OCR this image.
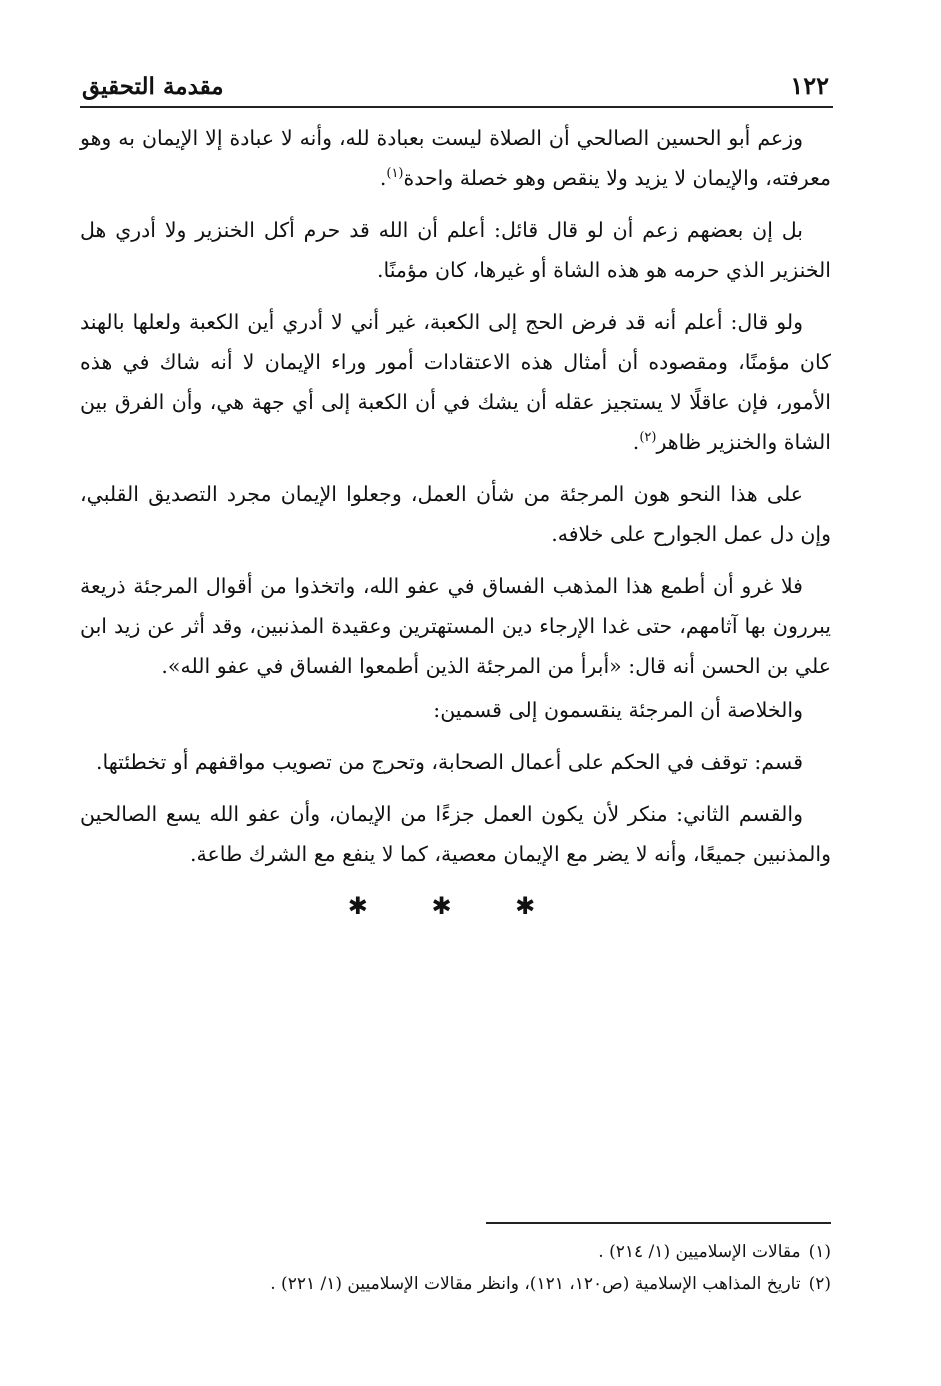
١٢٢
مقدمة التحقيق

وزعم أبو الحسين الصالحي أن الصلاة ليست بعبادة لله، وأنه لا عبادة إلا الإيمان به وهو معرفته، والإيمان لا يزيد ولا ينقص وهو خصلة واحدة$^{(١)}$.

بل إن بعضهم زعم أن لو قال قائل: أعلم أن الله قد حرم أكل الخنزير ولا أدري هل الخنزير الذي حرمه هو هذه الشاة أو غيرها، كان مؤمنًا.

ولو قال: أعلم أنه قد فرض الحج إلى الكعبة، غير أني لا أدري أين الكعبة ولعلها بالهند كان مؤمنًا، ومقصوده أن أمثال هذه الاعتقادات أمور وراء الإيمان لا أنه شاك في هذه الأمور، فإن عاقلًا لا يستجيز عقله أن يشك في أن الكعبة إلى أي جهة هي، وأن الفرق بين الشاة والخنزير ظاهر$^{(٢)}$.

على هذا النحو هون المرجئة من شأن العمل، وجعلوا الإيمان مجرد التصديق القلبي، وإن دل عمل الجوارح على خلافه.

فلا غرو أن أطمع هذا المذهب الفساق في عفو الله، واتخذوا من أقوال المرجئة ذريعة يبررون بها آثامهم، حتى غدا الإرجاء دين المستهترين وعقيدة المذنبين، وقد أثر عن زيد ابن علي بن الحسن أنه قال: «أبرأ من المرجئة الذين أطمعوا الفساق في عفو الله».

والخلاصة أن المرجئة ينقسمون إلى قسمين:

قسم: توقف في الحكم على أعمال الصحابة، وتحرج من تصويب مواقفهم أو تخطئتها.

والقسم الثاني: منكر لأن يكون العمل جزءًا من الإيمان، وأن عفو الله يسع الصالحين والمذنبين جميعًا، وأنه لا يضر مع الإيمان معصية، كما لا ينفع مع الشرك طاعة.

✱ ✱ ✱
(١)
مقالات الإسلاميين (١/ ٢١٤) .
(٢)
تاريخ المذاهب الإسلامية (ص١٢٠، ١٢١)، وانظر مقالات الإسلاميين (١/ ٢٢١) .
